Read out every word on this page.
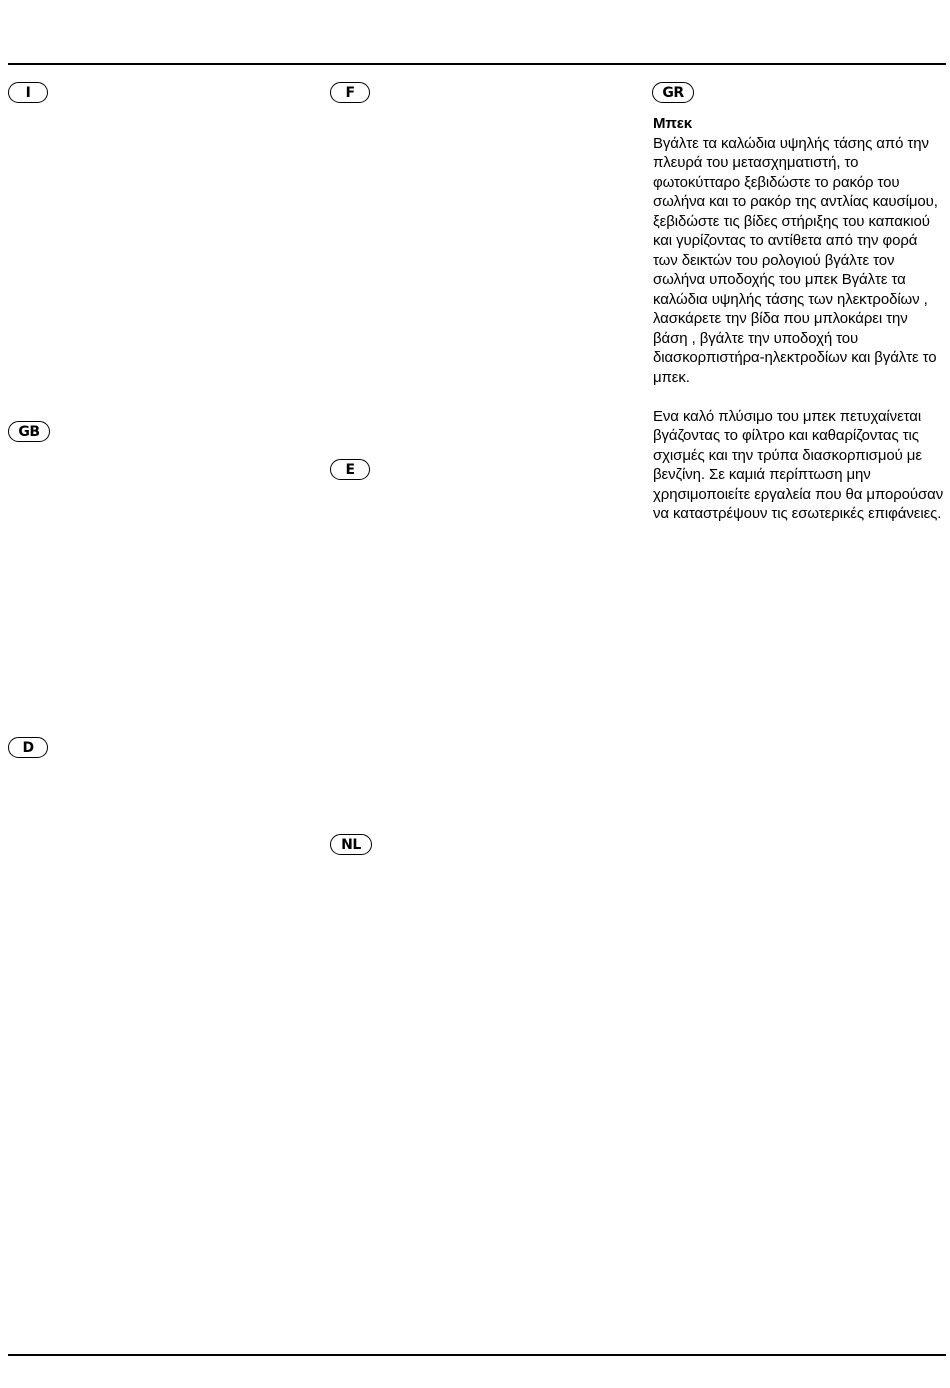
I	F	GR
GB
E
D
NL
Μπεκ

Βγάλτε τα καλώδια υψηλής τάσης από την πλευρά του μετασχηματιστή, το φωτοκύτταρο ξεβιδώστε το ρακόρ του σωλήνα και το ρακόρ της αντλίας καυσίμου, ξεβιδώστε τις βίδες στήριξης του καπακιού και γυρίζοντας το αντίθετα από την φορά των δεικτών του ρολογιού βγάλτε τον σωλήνα υποδοχής του μπεκ Βγάλτε τα καλώδια υψηλής τάσης των ηλεκτροδίων , λασκάρετε την βίδα που μπλοκάρει την βάση , βγάλτε την υποδοχή του διασκορπιστήρα-ηλεκτροδίων και βγάλτε το μπεκ.

Ενα καλό πλύσιμο του μπεκ πετυχαίνεται βγάζοντας το φίλτρο και καθαρίζοντας τις σχισμές και την τρύπα διασκορπισμού με βενζίνη. Σε καμιά περίπτωση μην χρησιμοποιείτε εργαλεία που θα μπορούσαν να καταστρέψουν τις εσωτερικές επιφάνειες.
